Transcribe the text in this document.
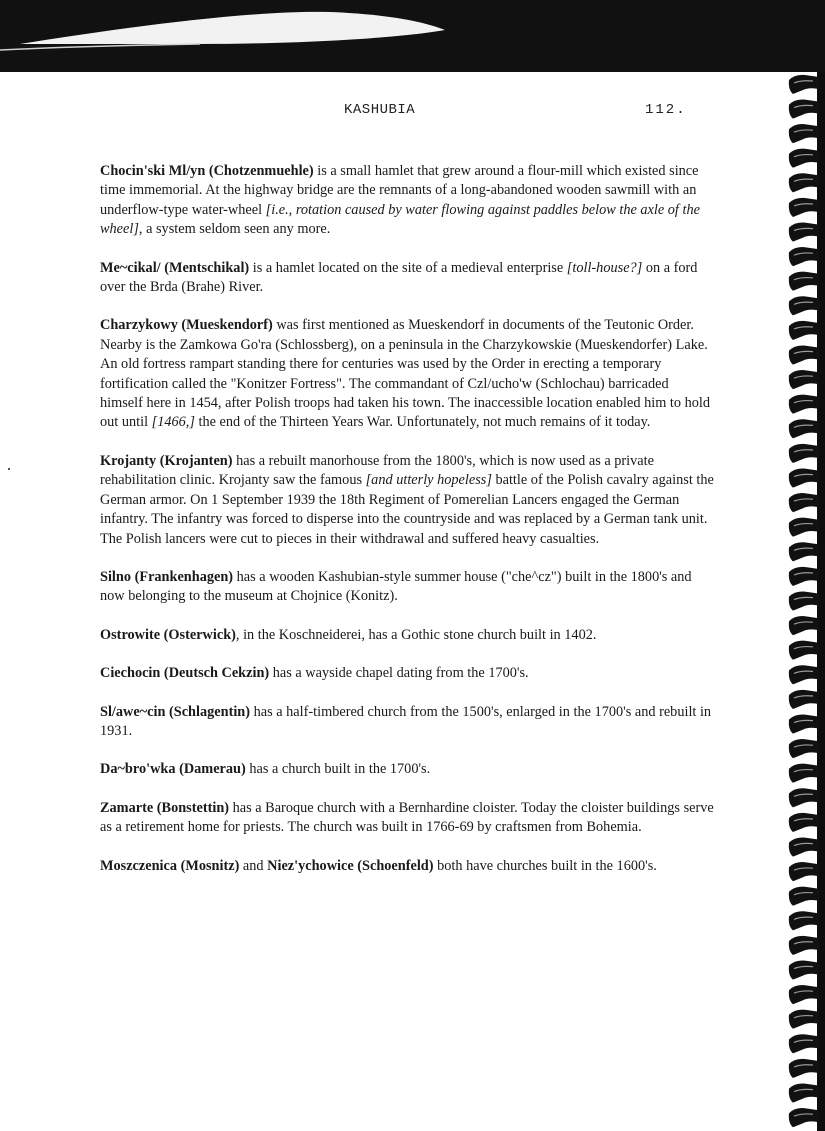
KASHUBIA	112.

Chocin'ski Ml/yn (Chotzenmuehle) is a small hamlet that grew around a flour-mill which existed since time immemorial. At the highway bridge are the remnants of a long-abandoned wooden sawmill with an underflow-type water-wheel [i.e., rotation caused by water flowing against paddles below the axle of the wheel], a system seldom seen any more.

Me~cikal/ (Mentschikal) is a hamlet located on the site of a medieval enterprise [toll-house?] on a ford over the Brda (Brahe) River.

Charzykowy (Mueskendorf) was first mentioned as Mueskendorf in documents of the Teutonic Order. Nearby is the Zamkowa Go'ra (Schlossberg), on a peninsula in the Charzykowskie (Mueskendorfer) Lake. An old fortress rampart standing there for centuries was used by the Order in erecting a temporary fortification called the "Konitzer Fortress". The commandant of Czl/ucho'w (Schlochau) barricaded himself here in 1454, after Polish troops had taken his town. The inaccessible location enabled him to hold out until [1466,] the end of the Thirteen Years War. Unfortunately, not much remains of it today.

Krojanty (Krojanten) has a rebuilt manorhouse from the 1800's, which is now used as a private rehabilitation clinic. Krojanty saw the famous [and utterly hopeless] battle of the Polish cavalry against the German armor. On 1 September 1939 the 18th Regiment of Pomerelian Lancers engaged the German infantry. The infantry was forced to disperse into the countryside and was replaced by a German tank unit. The Polish lancers were cut to pieces in their withdrawal and suffered heavy casualties.

Silno (Frankenhagen) has a wooden Kashubian-style summer house ("che^cz") built in the 1800's and now belonging to the museum at Chojnice (Konitz).

Ostrowite (Osterwick), in the Koschneiderei, has a Gothic stone church built in 1402.

Ciechocin (Deutsch Cekzin) has a wayside chapel dating from the 1700's.

Sl/awe~cin (Schlagentin) has a half-timbered church from the 1500's, enlarged in the 1700's and rebuilt in 1931.

Da~bro'wka (Damerau) has a church built in the 1700's.

Zamarte (Bonstettin) has a Baroque church with a Bernhardine cloister. Today the cloister buildings serve as a retirement home for priests. The church was built in 1766-69 by craftsmen from Bohemia.

Moszczenica (Mosnitz) and Niez'ychowice (Schoenfeld) both have churches built in the 1600's.
